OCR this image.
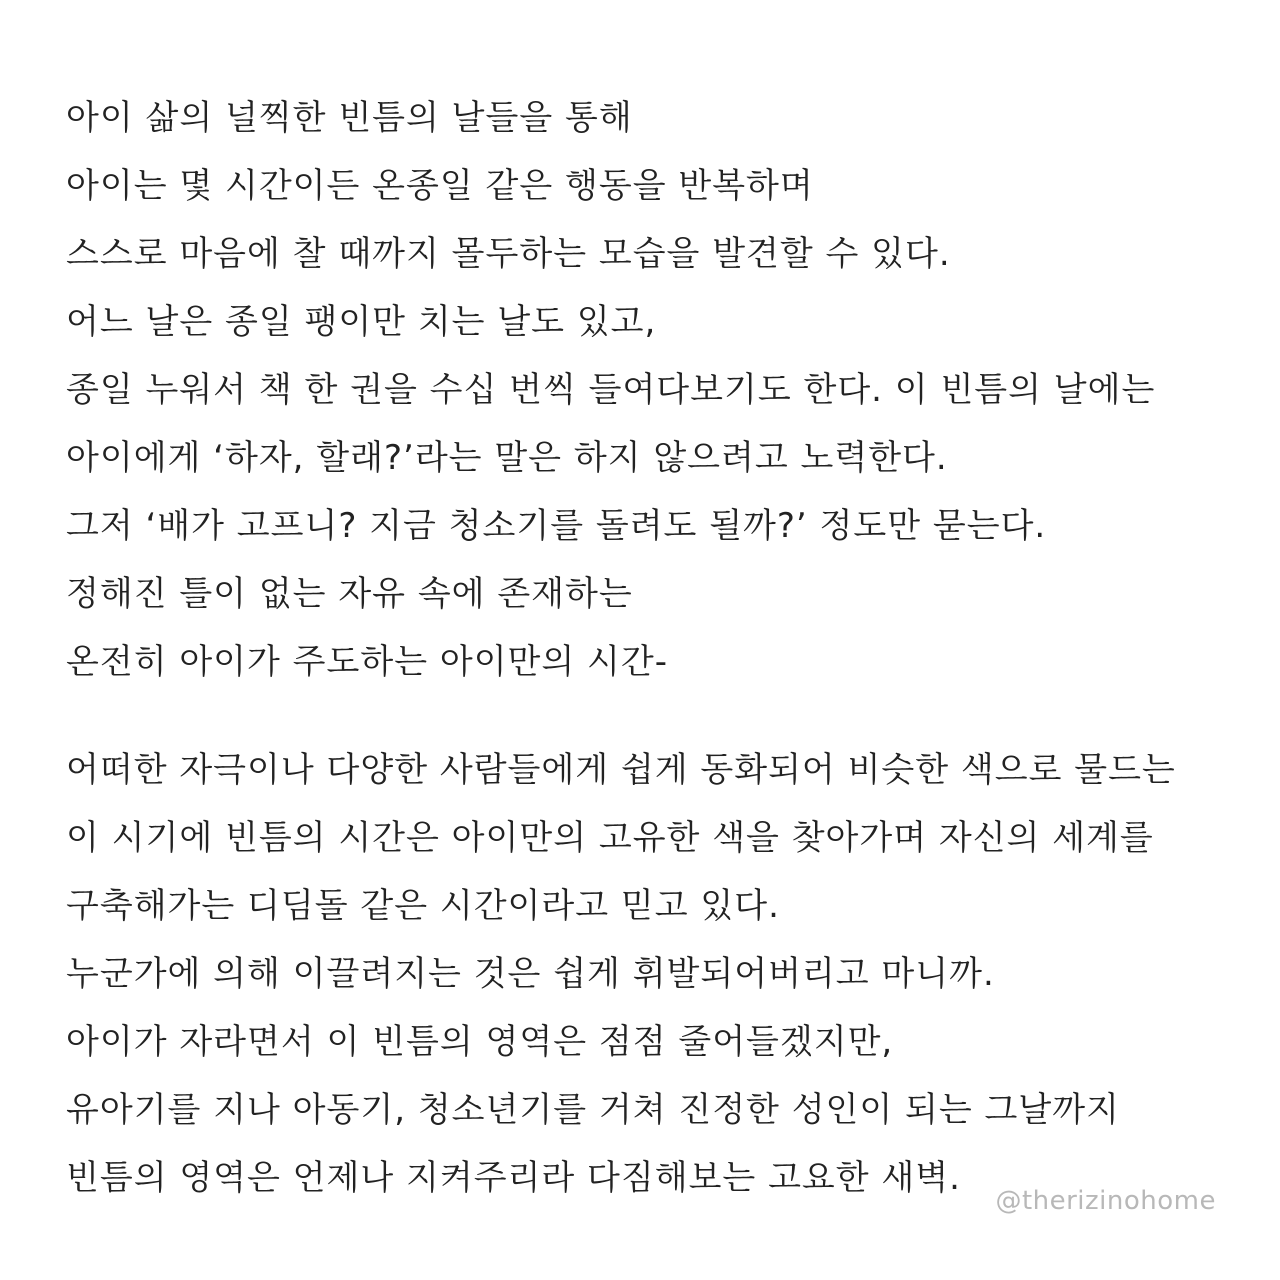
아이 삶의 널찍한 빈틈의 날들을 통해
아이는 몇 시간이든 온종일 같은 행동을 반복하며
스스로 마음에 찰 때까지 몰두하는 모습을 발견할 수 있다.
어느 날은 종일 팽이만 치는 날도 있고,
종일 누워서 책 한 권을 수십 번씩 들여다보기도 한다. 이 빈틈의 날에는
아이에게 ‘하자, 할래?’라는 말은 하지 않으려고 노력한다.
그저 ‘배가 고프니? 지금 청소기를 돌려도 될까?’ 정도만 묻는다.
정해진 틀이 없는 자유 속에 존재하는
온전히 아이가 주도하는 아이만의 시간-
어떠한 자극이나 다양한 사람들에게 쉽게 동화되어 비슷한 색으로 물드는
이 시기에 빈틈의 시간은 아이만의 고유한 색을 찾아가며 자신의 세계를
구축해가는 디딤돌 같은 시간이라고 믿고 있다.
누군가에 의해 이끌려지는 것은 쉽게 휘발되어버리고 마니까.
아이가 자라면서 이 빈틈의 영역은 점점 줄어들겠지만,
유아기를 지나 아동기, 청소년기를 거쳐 진정한 성인이 되는 그날까지
빈틈의 영역은 언제나 지켜주리라 다짐해보는 고요한 새벽.
@therizinohome
